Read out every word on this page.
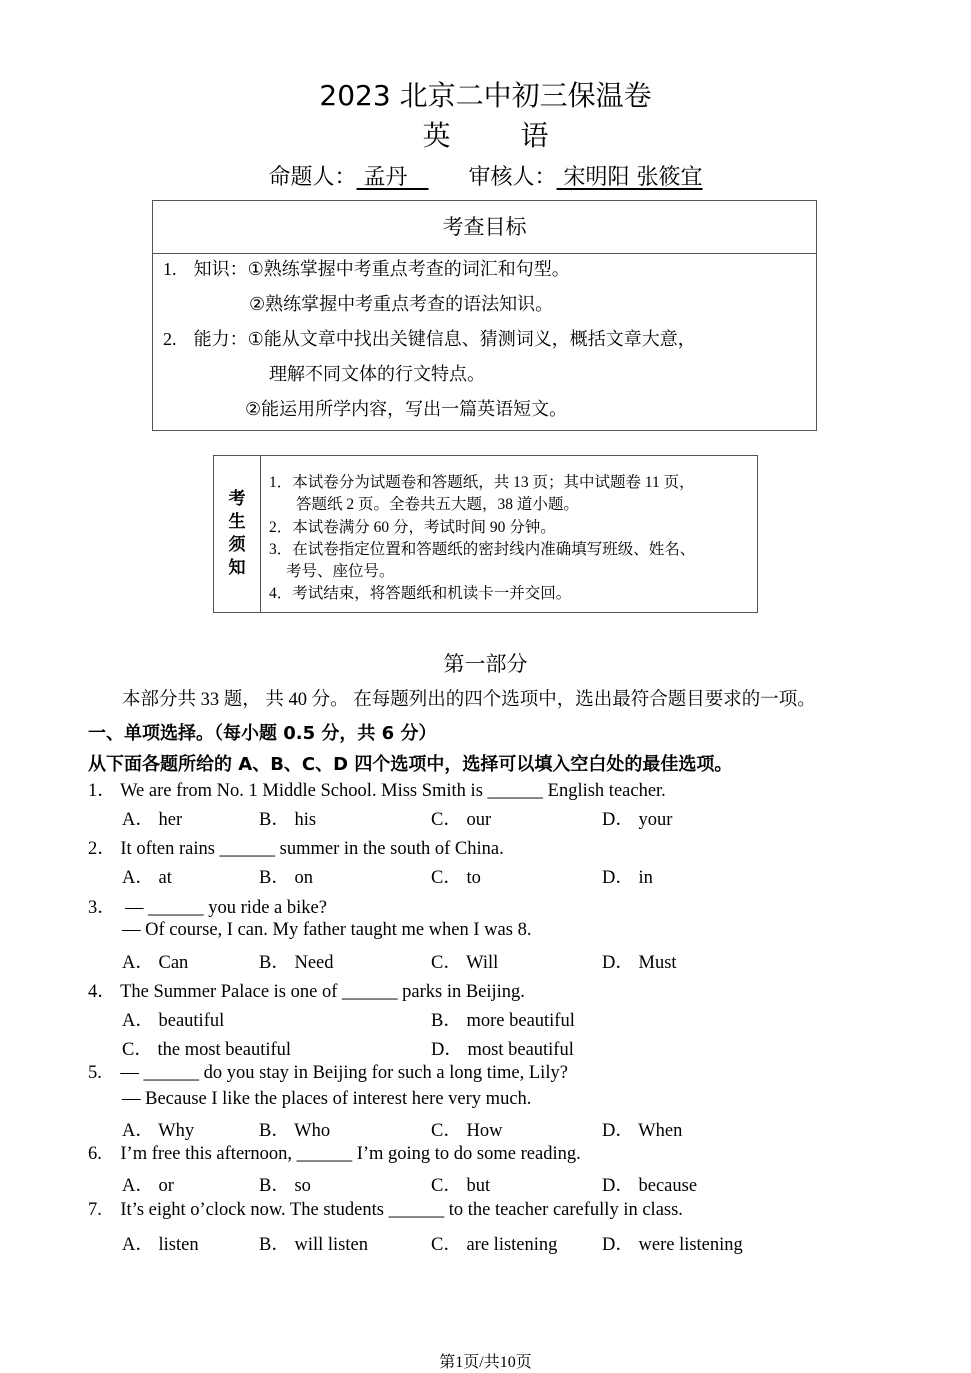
2023 北京二中初三保温卷
英	语
命题人： 孟丹	审核人： 宋明阳 张筱宜
考查目标
1. 知识：①熟练掌握中考重点考查的词汇和句型。
②熟练掌握中考重点考查的语法知识。
2. 能力：①能从文章中找出关键信息、猜测词义，概括文章大意，
理解不同文体的行文特点。
②能运用所学内容，写出一篇英语短文。
考
生
须
知
1．本试卷分为试题卷和答题纸，共 13 页；其中试题卷 11 页，
答题纸 2 页。全卷共五大题，38 道小题。
2．本试卷满分 60 分，考试时间 90 分钟。
3．在试卷指定位置和答题纸的密封线内准确填写班级、姓名、
考号、座位号。
4．考试结束，将答题纸和机读卡一并交回。
第一部分
本部分共 33 题， 共 40 分。 在每题列出的四个选项中，选出最符合题目要求的一项。
一、单项选择。（每小题 0.5 分，共 6 分）
从下面各题所给的 A、B、C、D 四个选项中，选择可以填入空白处的最佳选项。
1． We are from No. 1 Middle School. Miss Smith is ______ English teacher.
A． her	B． his	C． our	D． your
2． It often rains ______ summer in the south of China.
A． at	B． on	C． to	D． in
3． — ______ you ride a bike?
— Of course, I can. My father taught me when I was 8.
A． Can	B． Need	C． Will	D． Must
4． The Summer Palace is one of ______ parks in Beijing.
A． beautiful	B． more beautiful
C． the most beautiful	D． most beautiful
5. — ______ do you stay in Beijing for such a long time, Lily?
— Because I like the places of interest here very much.
A． Why	B． Who	C． How	D． When
6. I’m free this afternoon, ______ I’m going to do some reading.
A． or	B． so	C． but	D． because
7. It’s eight o’clock now. The students ______ to the teacher carefully in class.
A． listen	B． will listen	C． are listening D． were listening
第1页/共10页
